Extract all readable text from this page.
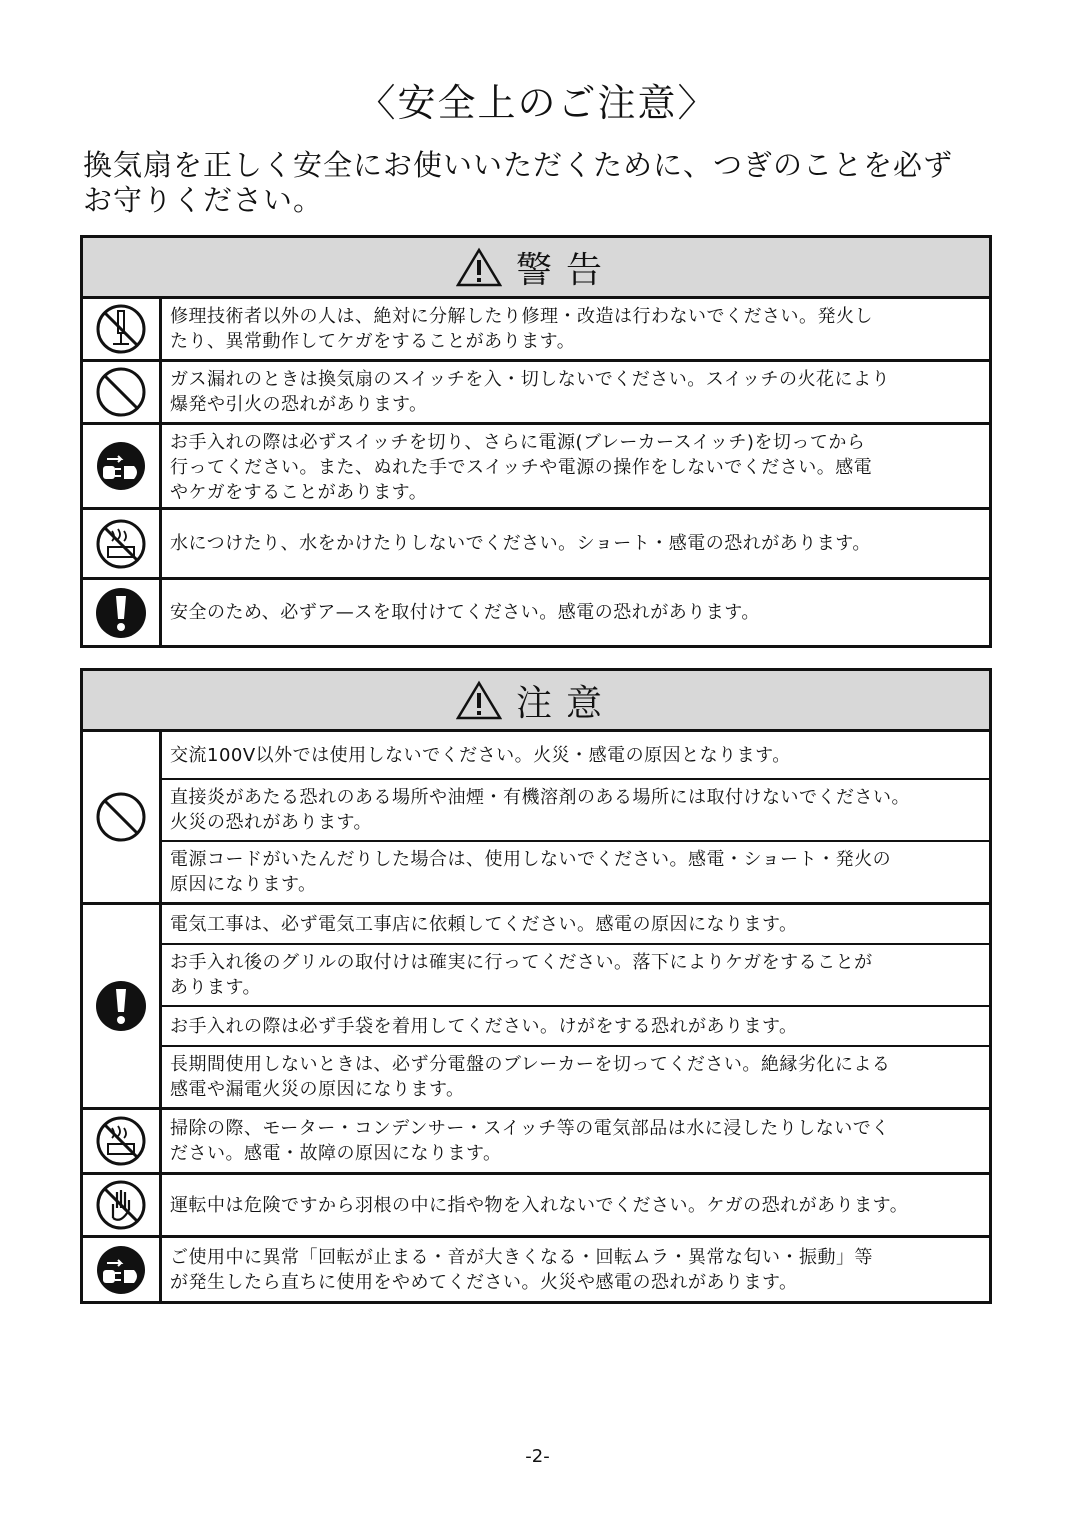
〈安全上のご注意〉
換気扇を正しく安全にお使いいただくために、つぎのことを必ず
お守りください。
警告
修理技術者以外の人は、絶対に分解したり修理・改造は行わないでください。発火し
たり、異常動作してケガをすることがあります。
ガス漏れのときは換気扇のスイッチを入・切しないでください。スイッチの火花により
爆発や引火の恐れがあります。
お手入れの際は必ずスイッチを切り、さらに電源(ブレーカースイッチ)を切ってから
行ってください。また、ぬれた手でスイッチや電源の操作をしないでください。感電
やケガをすることがあります。
水につけたり、水をかけたりしないでください。ショート・感電の恐れがあります。
安全のため、必ずア—スを取付けてください。感電の恐れがあります。
注意
交流100V以外では使用しないでください。火災・感電の原因となります。
直接炎があたる恐れのある場所や油煙・有機溶剤のある場所には取付けないでください。
火災の恐れがあります。
電源コードがいたんだりした場合は、使用しないでください。感電・ショート・発火の
原因になります。
電気工事は、必ず電気工事店に依頼してください。感電の原因になります。
お手入れ後のグリルの取付けは確実に行ってください。落下によりケガをすることが
あります。
お手入れの際は必ず手袋を着用してください。けがをする恐れがあります。
長期間使用しないときは、必ず分電盤のブレーカーを切ってください。絶縁劣化による
感電や漏電火災の原因になります。
掃除の際、モーター・コンデンサー・スイッチ等の電気部品は水に浸したりしないでく
ださい。感電・故障の原因になります。
運転中は危険ですから羽根の中に指や物を入れないでください。ケガの恐れがあります。
ご使用中に異常「回転が止まる・音が大きくなる・回転ムラ・異常な匂い・振動」等
が発生したら直ちに使用をやめてください。火災や感電の恐れがあります。
-2-
